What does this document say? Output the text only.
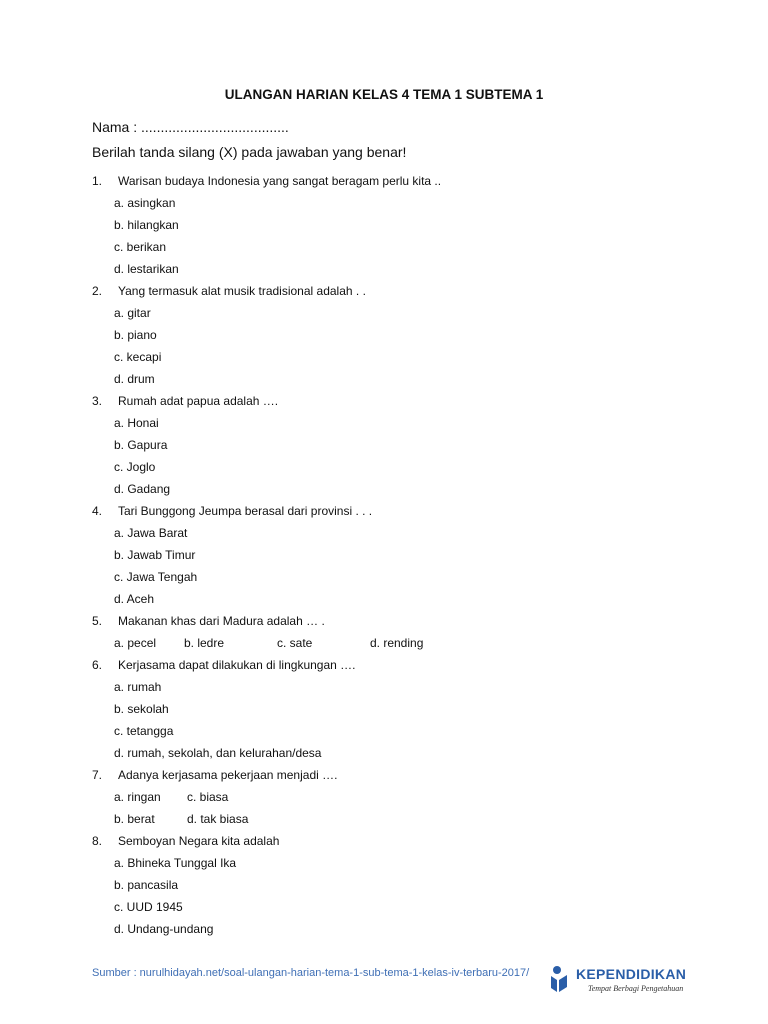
ULANGAN HARIAN KELAS 4 TEMA 1 SUBTEMA 1
Nama : ......................................
Berilah tanda silang (X) pada jawaban yang benar!
1. Warisan budaya Indonesia yang sangat beragam perlu kita ..
a. asingkan
b. hilangkan
c. berikan
d. lestarikan
2. Yang termasuk alat musik tradisional adalah . .
a. gitar
b. piano
c. kecapi
d. drum
3. Rumah adat papua adalah ….
a. Honai
b. Gapura
c. Joglo
d. Gadang
4. Tari Bunggong Jeumpa berasal dari provinsi . . .
a. Jawa Barat
b. Jawab Timur
c. Jawa Tengah
d. Aceh
5. Makanan khas dari Madura adalah … .
a. pecel b. ledre	c. sate	d. rending
6. Kerjasama dapat dilakukan di lingkungan ….
a. rumah
b. sekolah
c. tetangga
d. rumah, sekolah, dan kelurahan/desa
7. Adanya kerjasama pekerjaan menjadi ….
a. ringan c. biasa
b. berat	d. tak biasa
8. Semboyan Negara kita adalah
a. Bhineka Tunggal Ika
b. pancasila
c. UUD 1945
d. Undang-undang
Sumber : nurulhidayah.net/soal-ulangan-harian-tema-1-sub-tema-1-kelas-iv-terbaru-2017/	KEPENDIDIKAN
Tempat Berbagi Pengetahuan
